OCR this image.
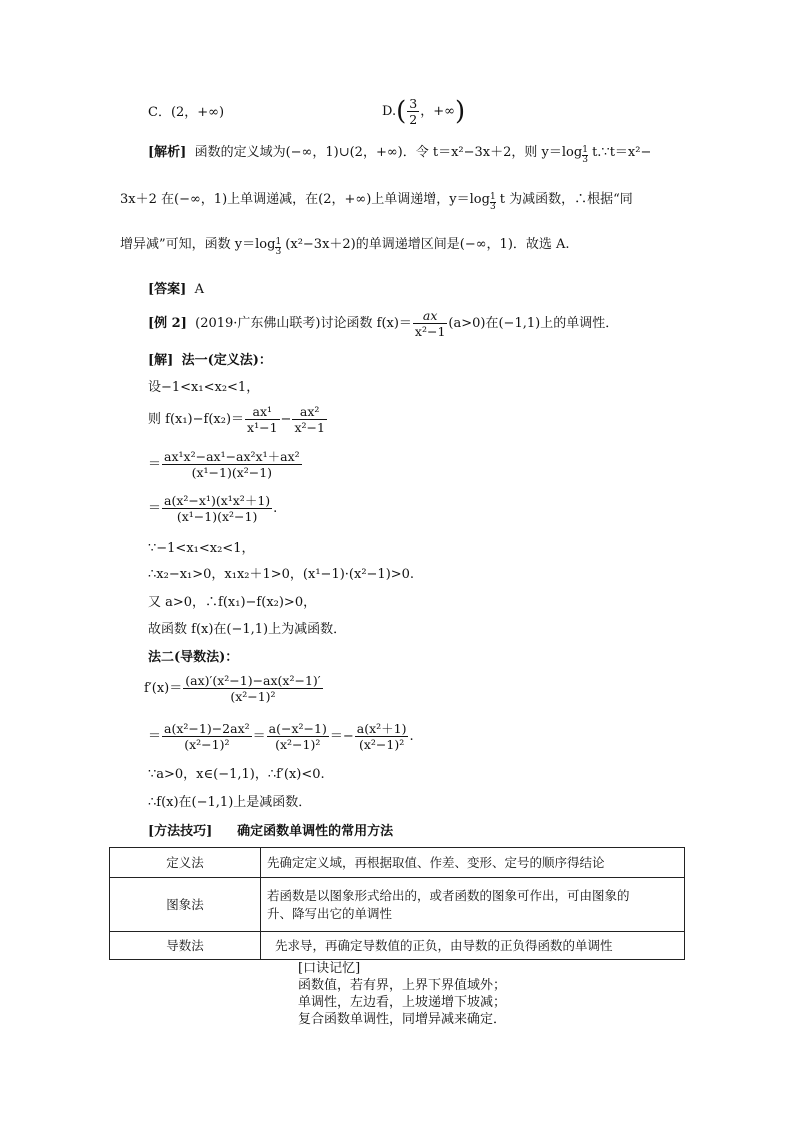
C．(2，+∞)	$D.( \frac{3}{2}$ ，+∞)
[解析] 函数的定义域为(−∞，1)∪(2，+∞)．令 t＝x²−3x＋2，则 $y=\log \frac{1}{3}$ t.∵t＝x²−
3x＋2 在(−∞，1)上单调递减，在(2，+∞)上单调递增，$y=\log \frac{1}{3}$ t 为减函数，∴根据“同
增异减”可知，函数 $y=\log \frac{1}{3} (x^2-3x+2)$的单调递增区间是(−∞，1)．故选 A.
[答案] A
[例 2] (2019·广东佛山联考)讨论函数 $f(x)= \frac{ax}{\text{x²−1}} (a>0)$在(−1,1)上的单调性．
[解] 法一(定义法)：
设−1<x₁<x₂<1，
则 $f(x_1)-f(x_2)= \frac{\text{ax¹}}{\text{x¹−1}} - \frac{\text{ax²}}{\text{x²−1}}$
＝ $\frac{\text{ax¹x²−ax¹−ax²x¹＋ax²}}{\text{(x¹−1)(x²−1)}}$
＝ $\frac{\text{a(x²−x¹)(x¹x²＋1)}}{\text{(x¹−1)(x²−1)}}$ .
∵−1<x₁<x₂<1，
∴x₂−x₁>0，x₁x₂＋1>0，(x¹−1)·(x²−1)>0.
又 a>0，∴f(x₁)−f(x₂)>0，
故函数 f(x)在(−1,1)上为减函数．
法二(导数法)：
$f'(x)= \frac{\text{(ax)′(x²−1)−ax(x²−1)′}}{\text{(x²−1)²}}$
＝ $\frac{\text{a(x²−1)−2ax²}}{\text{(x²−1)²}} = \frac{\text{a(−x²−1)}}{\text{(x²−1)²}} =- \frac{\text{a(x²＋1)}}{\text{(x²−1)²}}$ .
∵a>0，x∈(−1,1)，∴f′(x)<0.
∴f(x)在(−1,1)上是减函数．
[方法技巧] 确定函数单调性的常用方法
定义法	先确定定义域，再根据取值、作差、变形、定号的顺序得结论
图象法	若函数是以图象形式给出的，或者函数的图象可作出，可由图象的
升、降写出它的单调性

导数法	先求导，再确定导数值的正负，由导数的正负得函数的单调性
[口诀记忆]
函数值，若有界，上界下界值域外；
单调性，左边看，上坡递增下坡减；
复合函数单调性，同增异减来确定．
